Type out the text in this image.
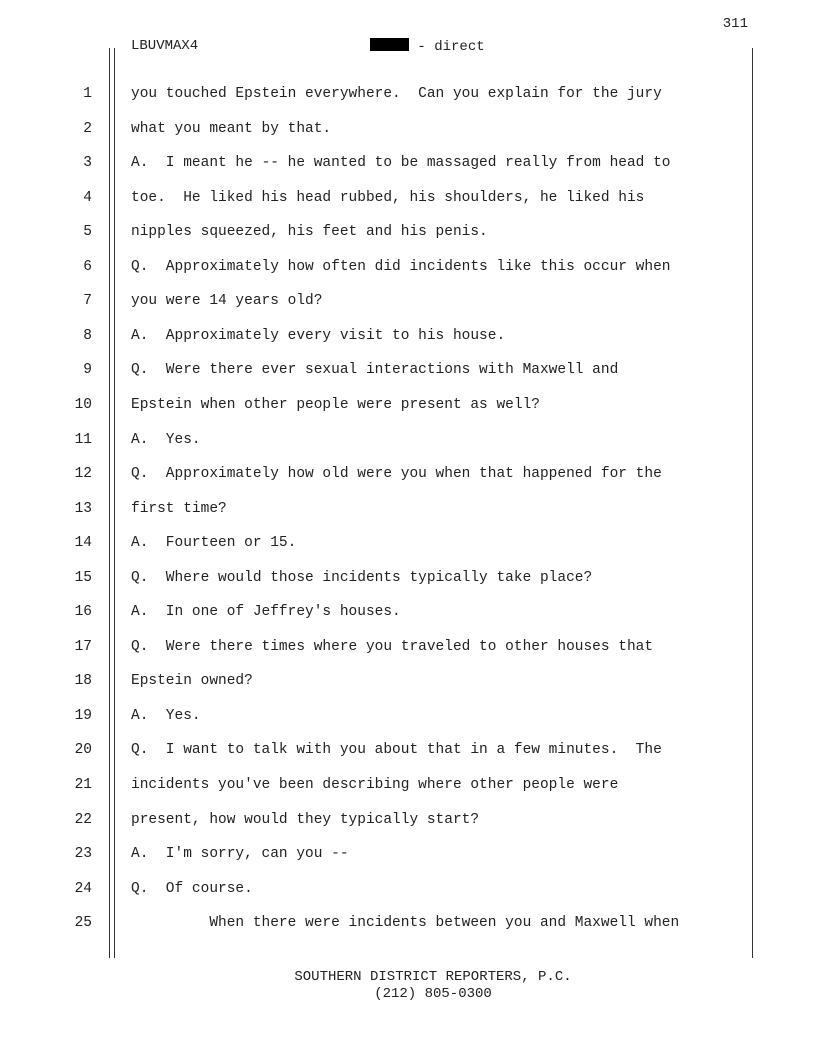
311
LBUVMAX4	- direct
1	you touched Epstein everywhere.  Can you explain for the jury
2	what you meant by that.
3	A.  I meant he -- he wanted to be massaged really from head to
4	toe.  He liked his head rubbed, his shoulders, he liked his
5	nipples squeezed, his feet and his penis.
6	Q.  Approximately how often did incidents like this occur when
7	you were 14 years old?
8	A.  Approximately every visit to his house.
9	Q.  Were there ever sexual interactions with Maxwell and
10	Epstein when other people were present as well?
11	A.  Yes.
12	Q.  Approximately how old were you when that happened for the
13	first time?
14	A.  Fourteen or 15.
15	Q.  Where would those incidents typically take place?
16	A.  In one of Jeffrey's houses.
17	Q.  Were there times where you traveled to other houses that
18	Epstein owned?
19	A.  Yes.
20	Q.  I want to talk with you about that in a few minutes.  The
21	incidents you've been describing where other people were
22	present, how would they typically start?
23	A.  I'm sorry, can you --
24	Q.  Of course.
25	When there were incidents between you and Maxwell when
SOUTHERN DISTRICT REPORTERS, P.C.
(212) 805-0300
